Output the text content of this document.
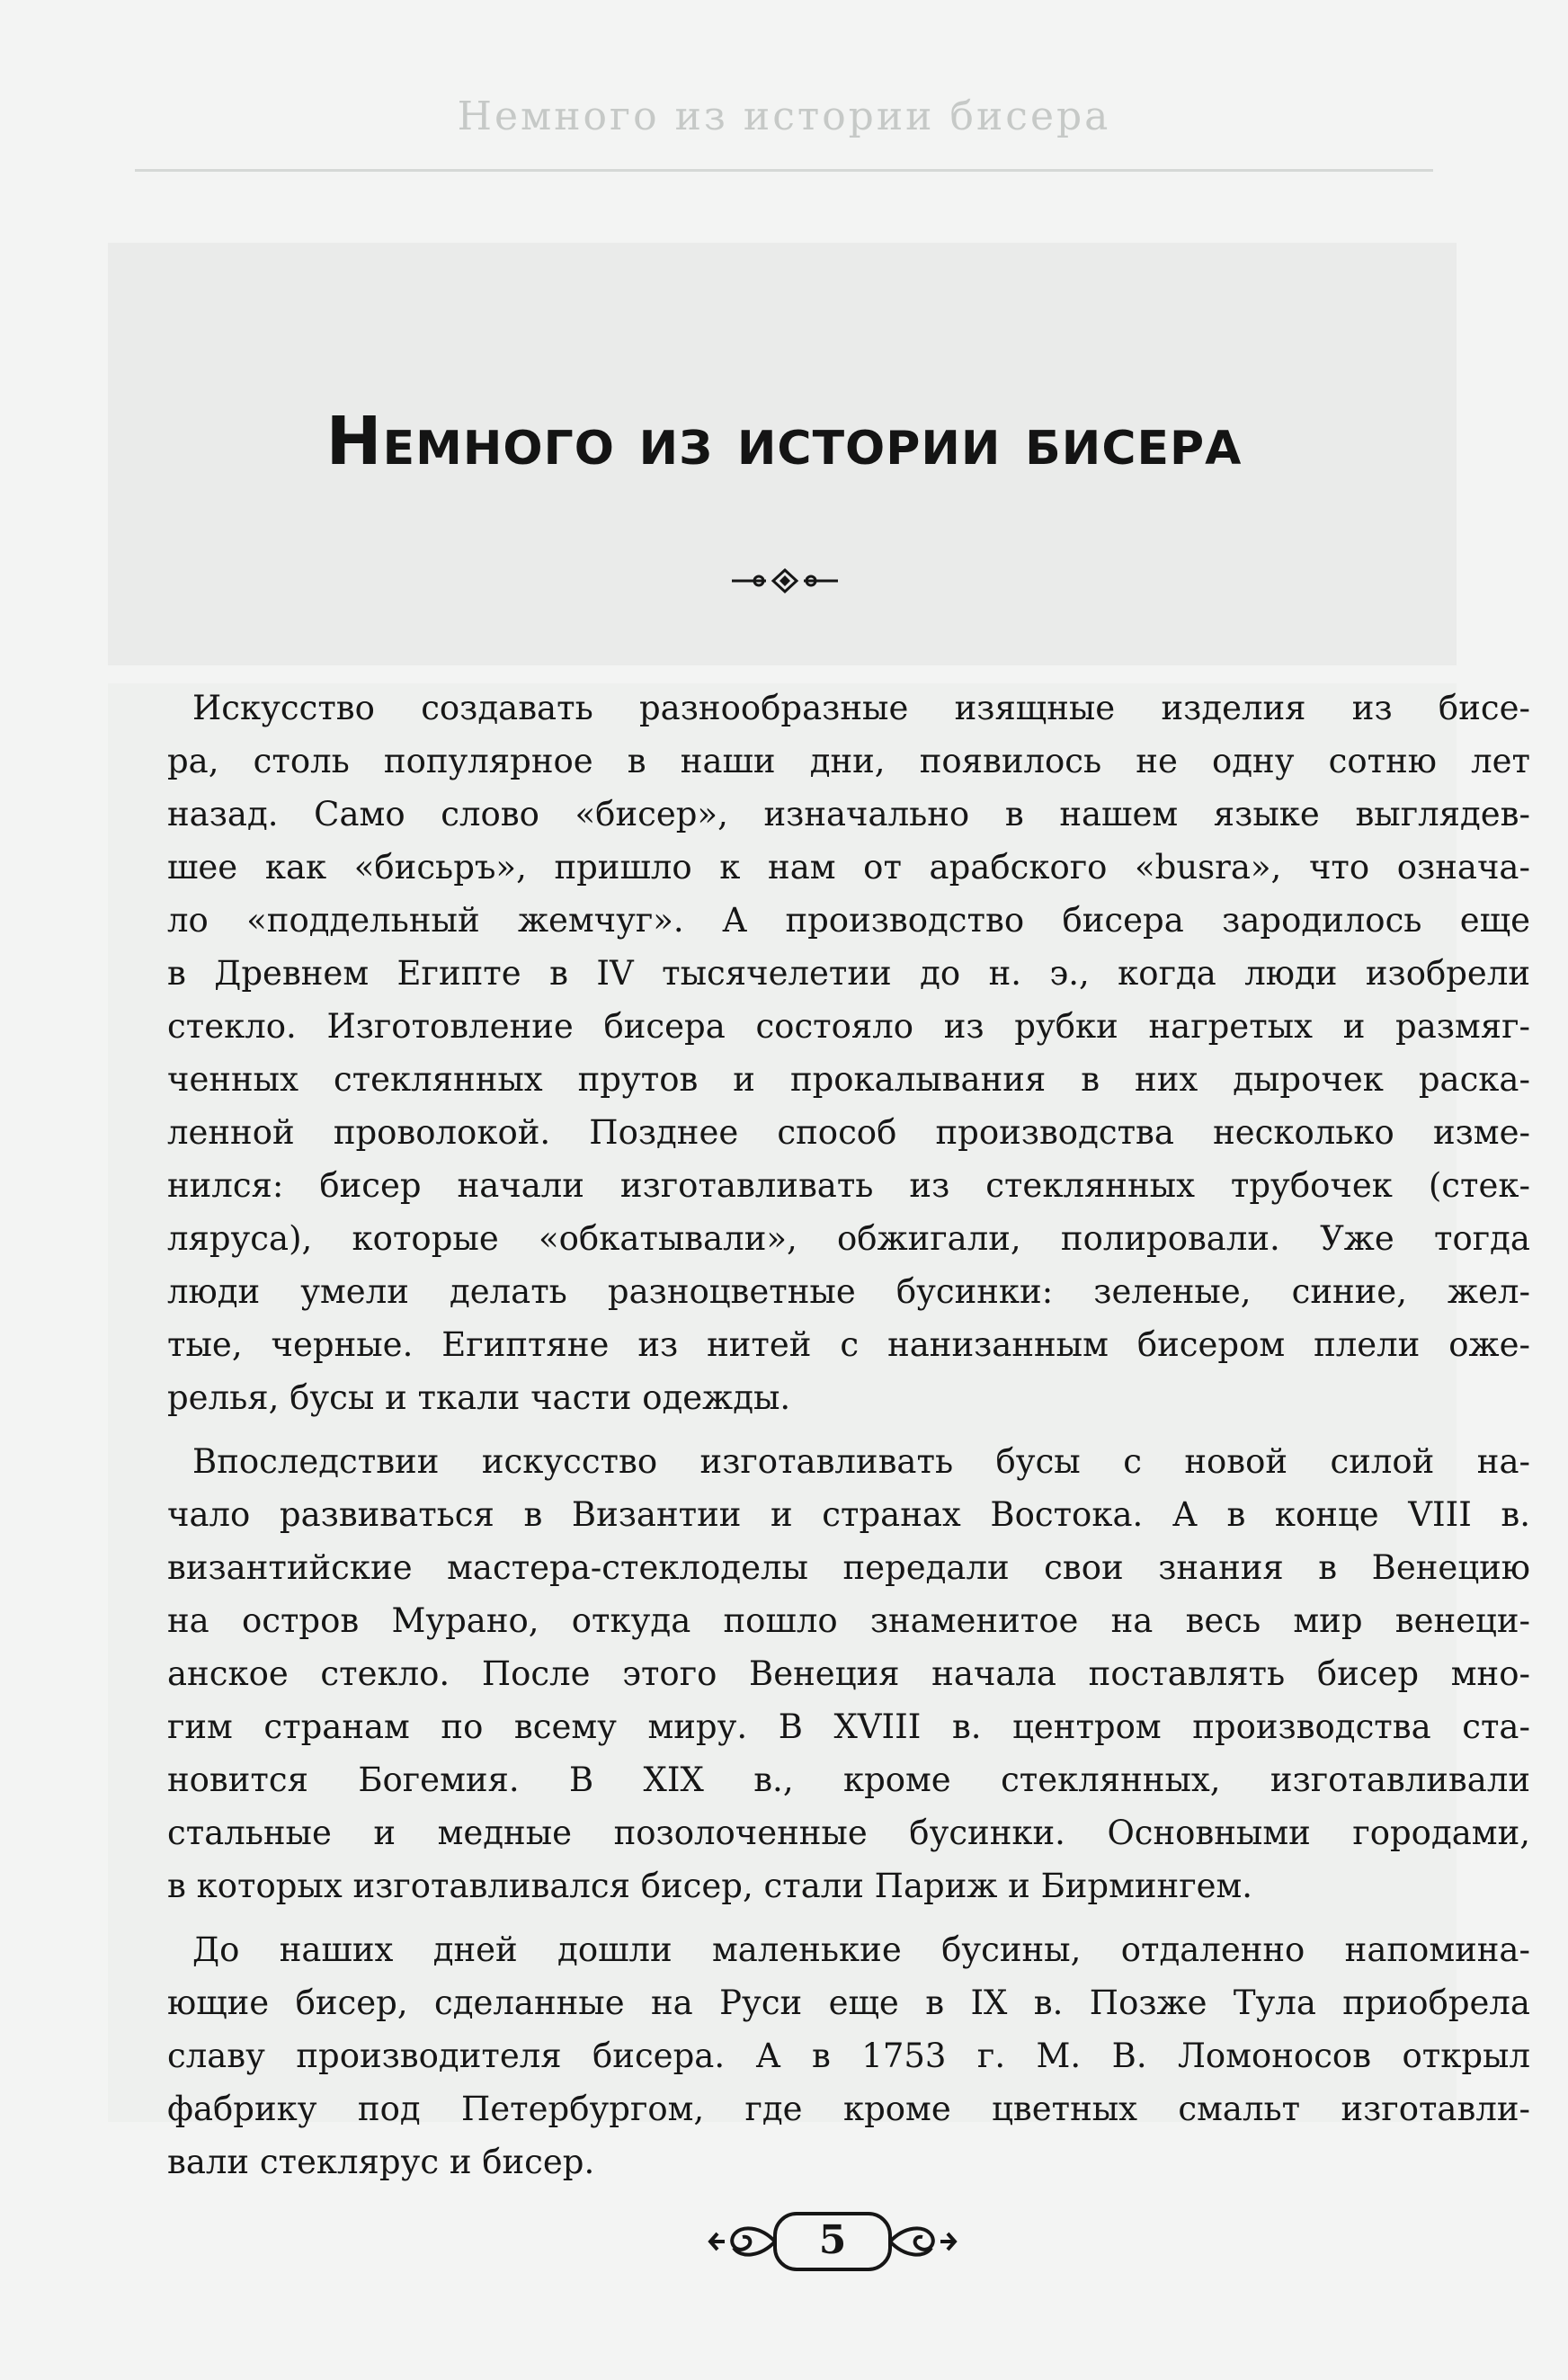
Немного из истории бисера
Немного из истории бисера

Искусство создавать разнообразные изящные изделия из бисе-
ра, столь популярное в наши дни, появилось не одну сотню лет
назад. Само слово «бисер», изначально в нашем языке выглядев-
шее как «бисьръ», пришло к нам от арабского «busra», что означа-
ло «поддельный жемчуг». А производство бисера зародилось еще
в Древнем Египте в IV тысячелетии до н. э., когда люди изобрели
стекло. Изготовление бисера состояло из рубки нагретых и размяг-
ченных стеклянных прутов и прокалывания в них дырочек раска-
ленной проволокой. Позднее способ производства несколько изме-
нился: бисер начали изготавливать из стеклянных трубочек (стек-
ляруса), которые «обкатывали», обжигали, полировали. Уже тогда
люди умели делать разноцветные бусинки: зеленые, синие, жел-
тые, черные. Египтяне из нитей с нанизанным бисером плели оже-
релья, бусы и ткали части одежды.

Впоследствии искусство изготавливать бусы с новой силой на-
чало развиваться в Византии и странах Востока. А в конце VIII в.
византийские мастера-стеклоделы передали свои знания в Венецию
на остров Мурано, откуда пошло знаменитое на весь мир венеци-
анское стекло. После этого Венеция начала поставлять бисер мно-
гим странам по всему миру. В XVIII в. центром производства ста-
новится Богемия. В XIX в., кроме стеклянных, изготавливали
стальные и медные позолоченные бусинки. Основными городами,
в которых изготавливался бисер, стали Париж и Бирмингем.

До наших дней дошли маленькие бусины, отдаленно напомина-
ющие бисер, сделанные на Руси еще в IX в. Позже Тула приобрела
славу производителя бисера. А в 1753 г. М. В. Ломоносов открыл
фабрику под Петербургом, где кроме цветных смальт изготавли-
вали стеклярус и бисер.

5
